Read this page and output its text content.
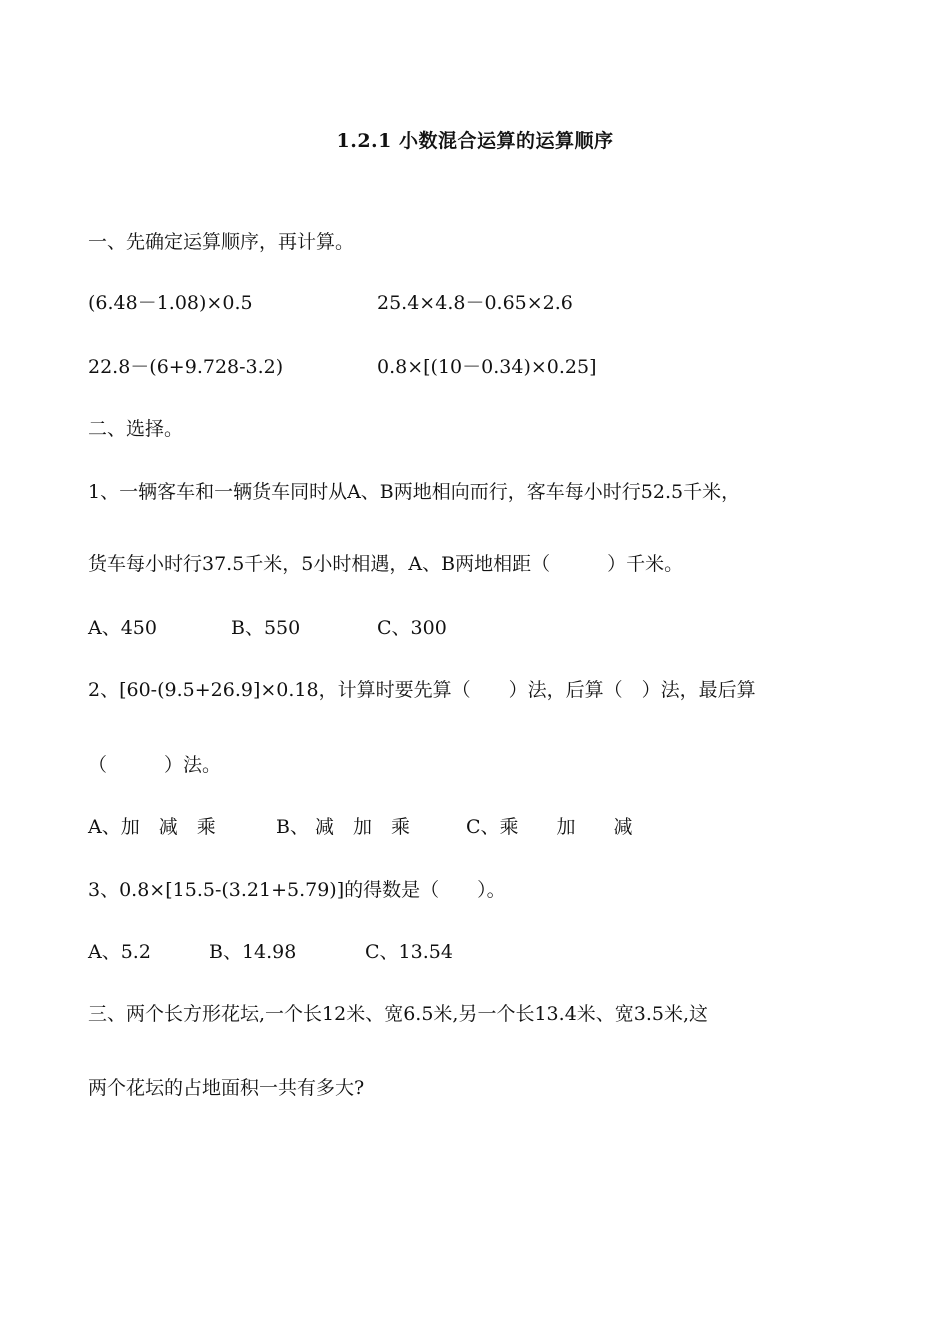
1.2.1 小数混合运算的运算顺序
一、先确定运算顺序，再计算。
(6.48－1.08)×0.5	25.4×4.8－0.65×2.6
22.8－(6+9.728-3.2)	0.8×[(10－0.34)×0.25]
二、选择。
1、一辆客车和一辆货车同时从A、B两地相向而行，客车每小时行52.5千米，
货车每小时行37.5千米，5小时相遇，A、B两地相距（　　　）千米。
A、450	B、550	C、300
2、[60-(9.5+26.9]×0.18，计算时要先算（　　）法，后算（　）法，最后算
（　　　）法。
A、加　减　乘	B、 减　加　乘	C、乘　　加　　减
3、0.8×[15.5-(3.21+5.79)]的得数是（　　）。
A、5.2	B、14.98	C、13.54
三、两个长方形花坛,一个长12米、宽6.5米,另一个长13.4米、宽3.5米,这
两个花坛的占地面积一共有多大?
